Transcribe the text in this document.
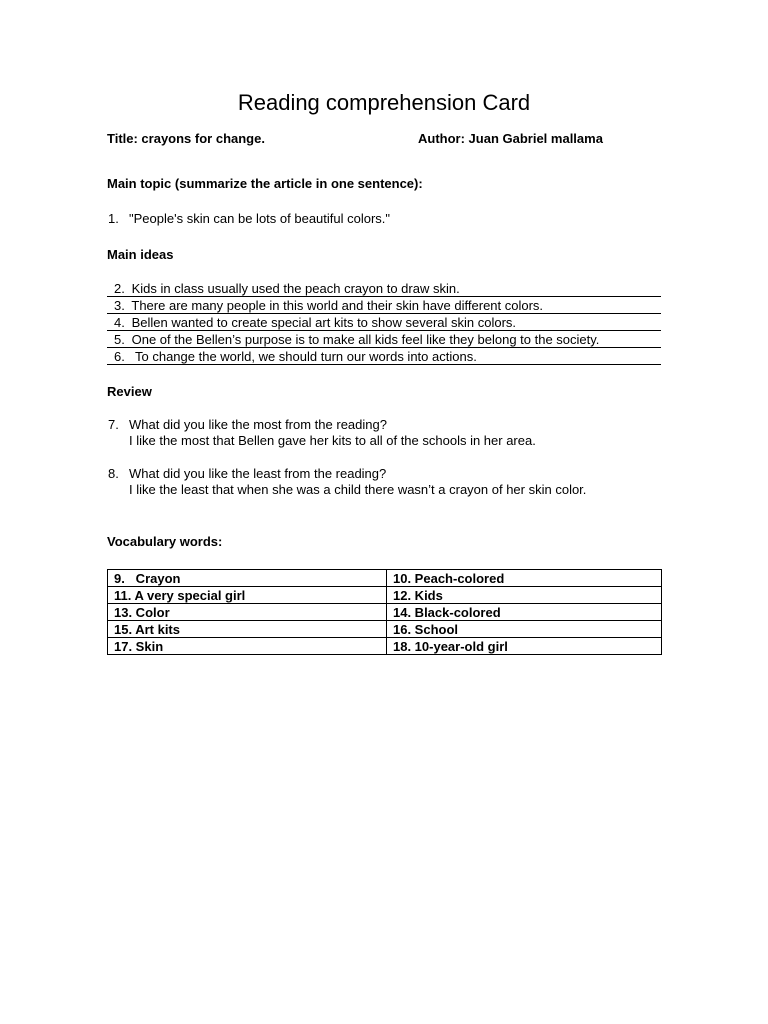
Reading comprehension Card
Title: crayons for change.	Author: Juan Gabriel mallama
Main topic (summarize the article in one sentence):
1. "People's skin can be lots of beautiful colors."
Main ideas
2. Kids in class usually used the peach crayon to draw skin.
3. There are many people in this world and their skin have different colors.
4. Bellen wanted to create special art kits to show several skin colors.
5. One of the Bellen’s purpose is to make all kids feel like they belong to the society.
6.  To change the world, we should turn our words into actions.
Review
7. What did you like the most from the reading?
I like the most that Bellen gave her kits to all of the schools in her area.
8. What did you like the least from the reading?
I like the least that when she was a child there wasn’t a crayon of her skin color.
Vocabulary words:
9.   Crayon	10. Peach-colored
11. A very special girl	12. Kids
13. Color	14. Black-colored
15. Art kits	16. School
17. Skin	18. 10-year-old girl
